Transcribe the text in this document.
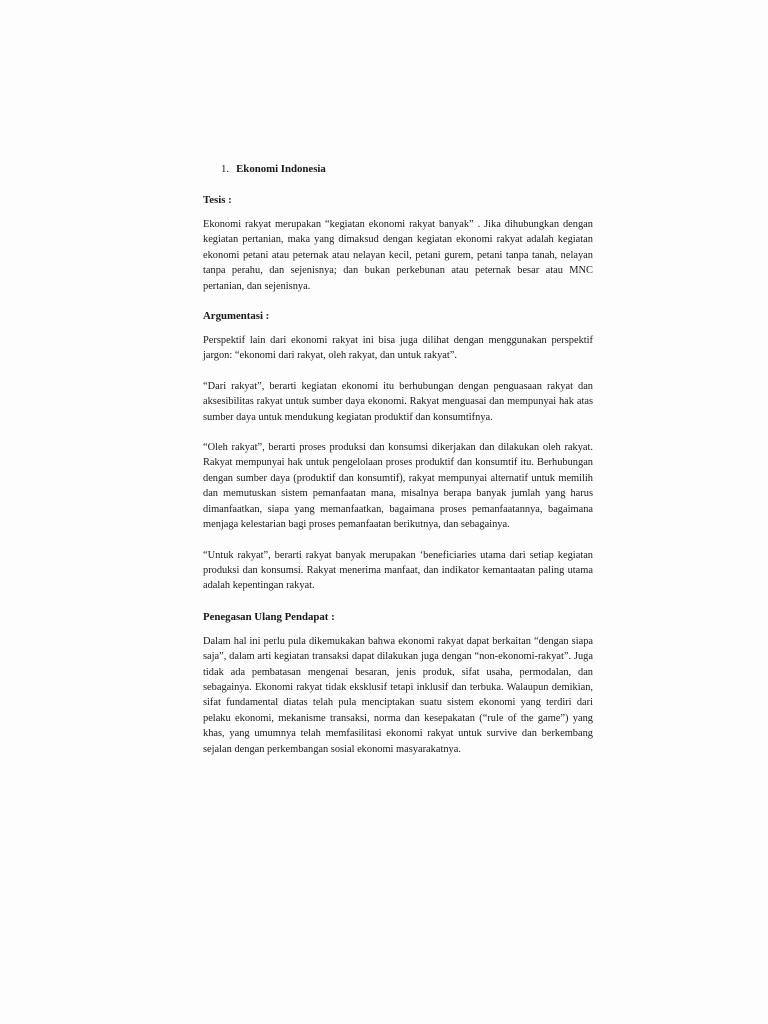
1. Ekonomi Indonesia
Tesis :

Ekonomi rakyat merupakan “kegiatan ekonomi rakyat banyak” . Jika dihubungkan dengan kegiatan pertanian, maka yang dimaksud dengan kegiatan ekonomi rakyat adalah kegiatan ekonomi petani atau peternak atau nelayan kecil, petani gurem, petani tanpa tanah, nelayan tanpa perahu, dan sejenisnya; dan bukan perkebunan atau peternak besar atau MNC pertanian, dan sejenisnya.

Argumentasi :

Perspektif lain dari ekonomi rakyat ini bisa juga dilihat dengan menggunakan perspektif jargon: “ekonomi dari rakyat, oleh rakyat, dan untuk rakyat”.

“Dari rakyat”, berarti kegiatan ekonomi itu berhubungan dengan penguasaan rakyat dan aksesibilitas rakyat untuk sumber daya ekonomi. Rakyat menguasai dan mempunyai hak atas sumber daya untuk mendukung kegiatan produktif dan konsumtifnya.

“Oleh rakyat”, berarti proses produksi dan konsumsi dikerjakan dan dilakukan oleh rakyat. Rakyat mempunyai hak untuk pengelolaan proses produktif dan konsumtif itu. Berhubungan dengan sumber daya (produktif dan konsumtif), rakyat mempunyai alternatif untuk memilih dan memutuskan sistem pemanfaatan mana, misalnya berapa banyak jumlah yang harus dimanfaatkan, siapa yang memanfaatkan, bagaimana proses pemanfaatannya, bagaimana menjaga kelestarian bagi proses pemanfaatan berikutnya, dan sebagainya.

“Untuk rakyat”, berarti rakyat banyak merupakan ‘beneficiaries utama dari setiap kegiatan produksi dan konsumsi. Rakyat menerima manfaat, dan indikator kemantaatan paling utama adalah kepentingan rakyat.

Penegasan Ulang Pendapat :

Dalam hal ini perlu pula dikemukakan bahwa ekonomi rakyat dapat berkaitan “dengan siapa saja”, dalam arti kegiatan transaksi dapat dilakukan juga dengan “non-ekonomi-rakyat”. Juga tidak ada pembatasan mengenai besaran, jenis produk, sifat usaha, permodalan, dan sebagainya. Ekonomi rakyat tidak eksklusif tetapi inklusif dan terbuka. Walaupun demikian, sifat fundamental diatas telah pula menciptakan suatu sistem ekonomi yang terdiri dari pelaku ekonomi, mekanisme transaksi, norma dan kesepakatan (“rule of the game”) yang khas, yang umumnya telah memfasilitasi ekonomi rakyat untuk survive dan berkembang sejalan dengan perkembangan sosial ekonomi masyarakatnya.
